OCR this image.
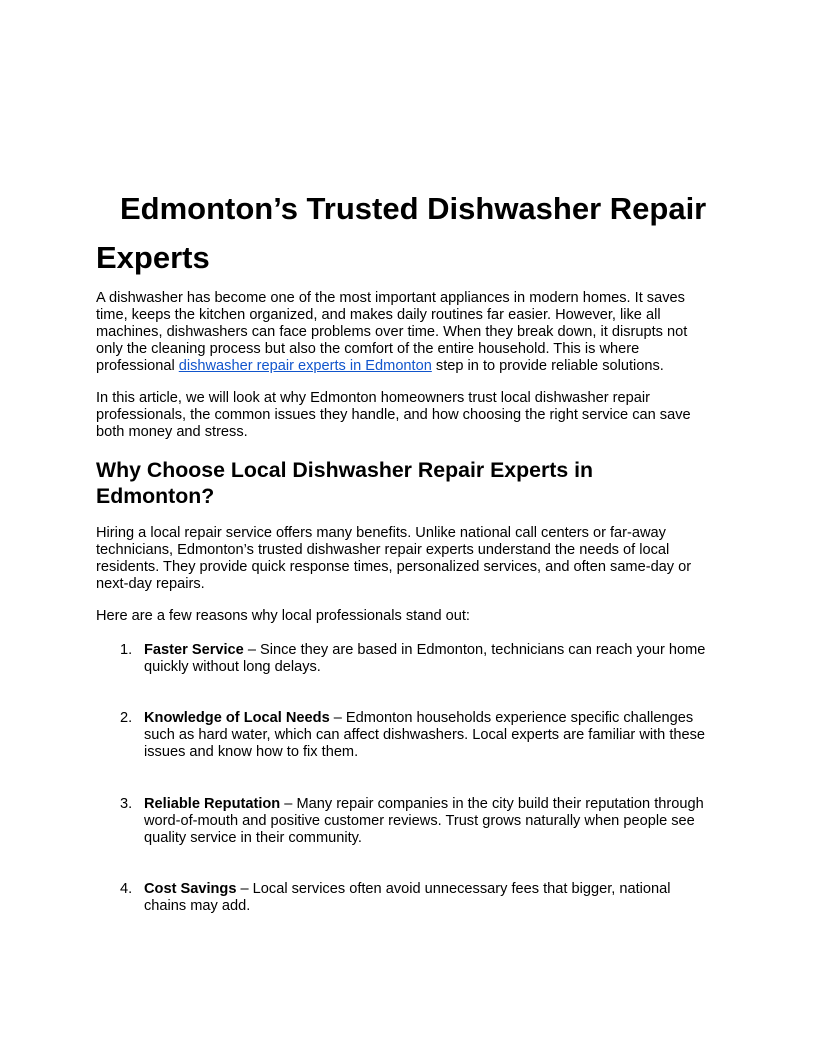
Edmonton’s Trusted Dishwasher Repair Experts

A dishwasher has become one of the most important appliances in modern homes. It saves time, keeps the kitchen organized, and makes daily routines far easier. However, like all machines, dishwashers can face problems over time. When they break down, it disrupts not only the cleaning process but also the comfort of the entire household. This is where professional dishwasher repair experts in Edmonton step in to provide reliable solutions.

In this article, we will look at why Edmonton homeowners trust local dishwasher repair professionals, the common issues they handle, and how choosing the right service can save both money and stress.

Why Choose Local Dishwasher Repair Experts in Edmonton?

Hiring a local repair service offers many benefits. Unlike national call centers or far-away technicians, Edmonton’s trusted dishwasher repair experts understand the needs of local residents. They provide quick response times, personalized services, and often same-day or next-day repairs.

Here are a few reasons why local professionals stand out:

1. Faster Service – Since they are based in Edmonton, technicians can reach your home quickly without long delays.
2. Knowledge of Local Needs – Edmonton households experience specific challenges such as hard water, which can affect dishwashers. Local experts are familiar with these issues and know how to fix them.
3. Reliable Reputation – Many repair companies in the city build their reputation through word-of-mouth and positive customer reviews. Trust grows naturally when people see quality service in their community.
4. Cost Savings – Local services often avoid unnecessary fees that bigger, national chains may add.
